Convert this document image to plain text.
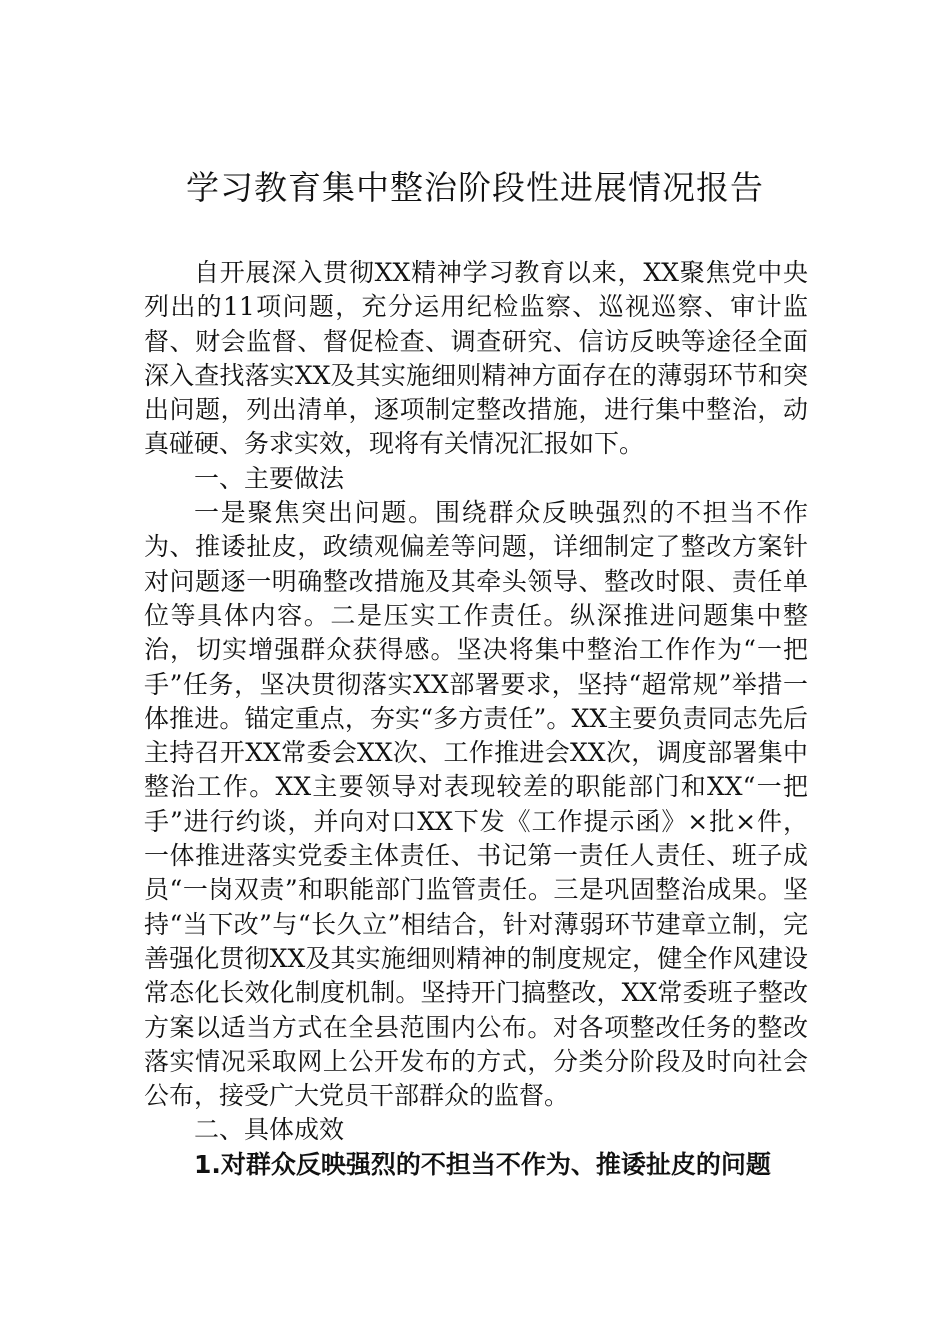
学习教育集中整治阶段性进展情况报告

自开展深入贯彻XX精神学习教育以来，XX聚焦党中央列出的11项问题，充分运用纪检监察、巡视巡察、审计监督、财会监督、督促检查、调查研究、信访反映等途径全面深入查找落实XX及其实施细则精神方面存在的薄弱环节和突出问题，列出清单，逐项制定整改措施，进行集中整治，动真碰硬、务求实效，现将有关情况汇报如下。

一、主要做法

一是聚焦突出问题。围绕群众反映强烈的不担当不作为、推诿扯皮，政绩观偏差等问题，详细制定了整改方案针对问题逐一明确整改措施及其牵头领导、整改时限、责任单位等具体内容。二是压实工作责任。纵深推进问题集中整治，切实增强群众获得感。坚决将集中整治工作作为“一把手”任务，坚决贯彻落实XX部署要求，坚持“超常规”举措一体推进。锚定重点，夯实“多方责任”。XX主要负责同志先后主持召开XX常委会XX次、工作推进会XX次，调度部署集中整治工作。XX主要领导对表现较差的职能部门和XX“一把手”进行约谈，并向对口XX下发《工作提示函》×批×件，一体推进落实党委主体责任、书记第一责任人责任、班子成员“一岗双责”和职能部门监管责任。三是巩固整治成果。坚持“当下改”与“长久立”相结合，针对薄弱环节建章立制，完善强化贯彻XX及其实施细则精神的制度规定，健全作风建设常态化长效化制度机制。坚持开门搞整改，XX常委班子整改方案以适当方式在全县范围内公布。对各项整改任务的整改落实情况采取网上公开发布的方式，分类分阶段及时向社会公布，接受广大党员干部群众的监督。

二、具体成效

1.对群众反映强烈的不担当不作为、推诿扯皮的问题
